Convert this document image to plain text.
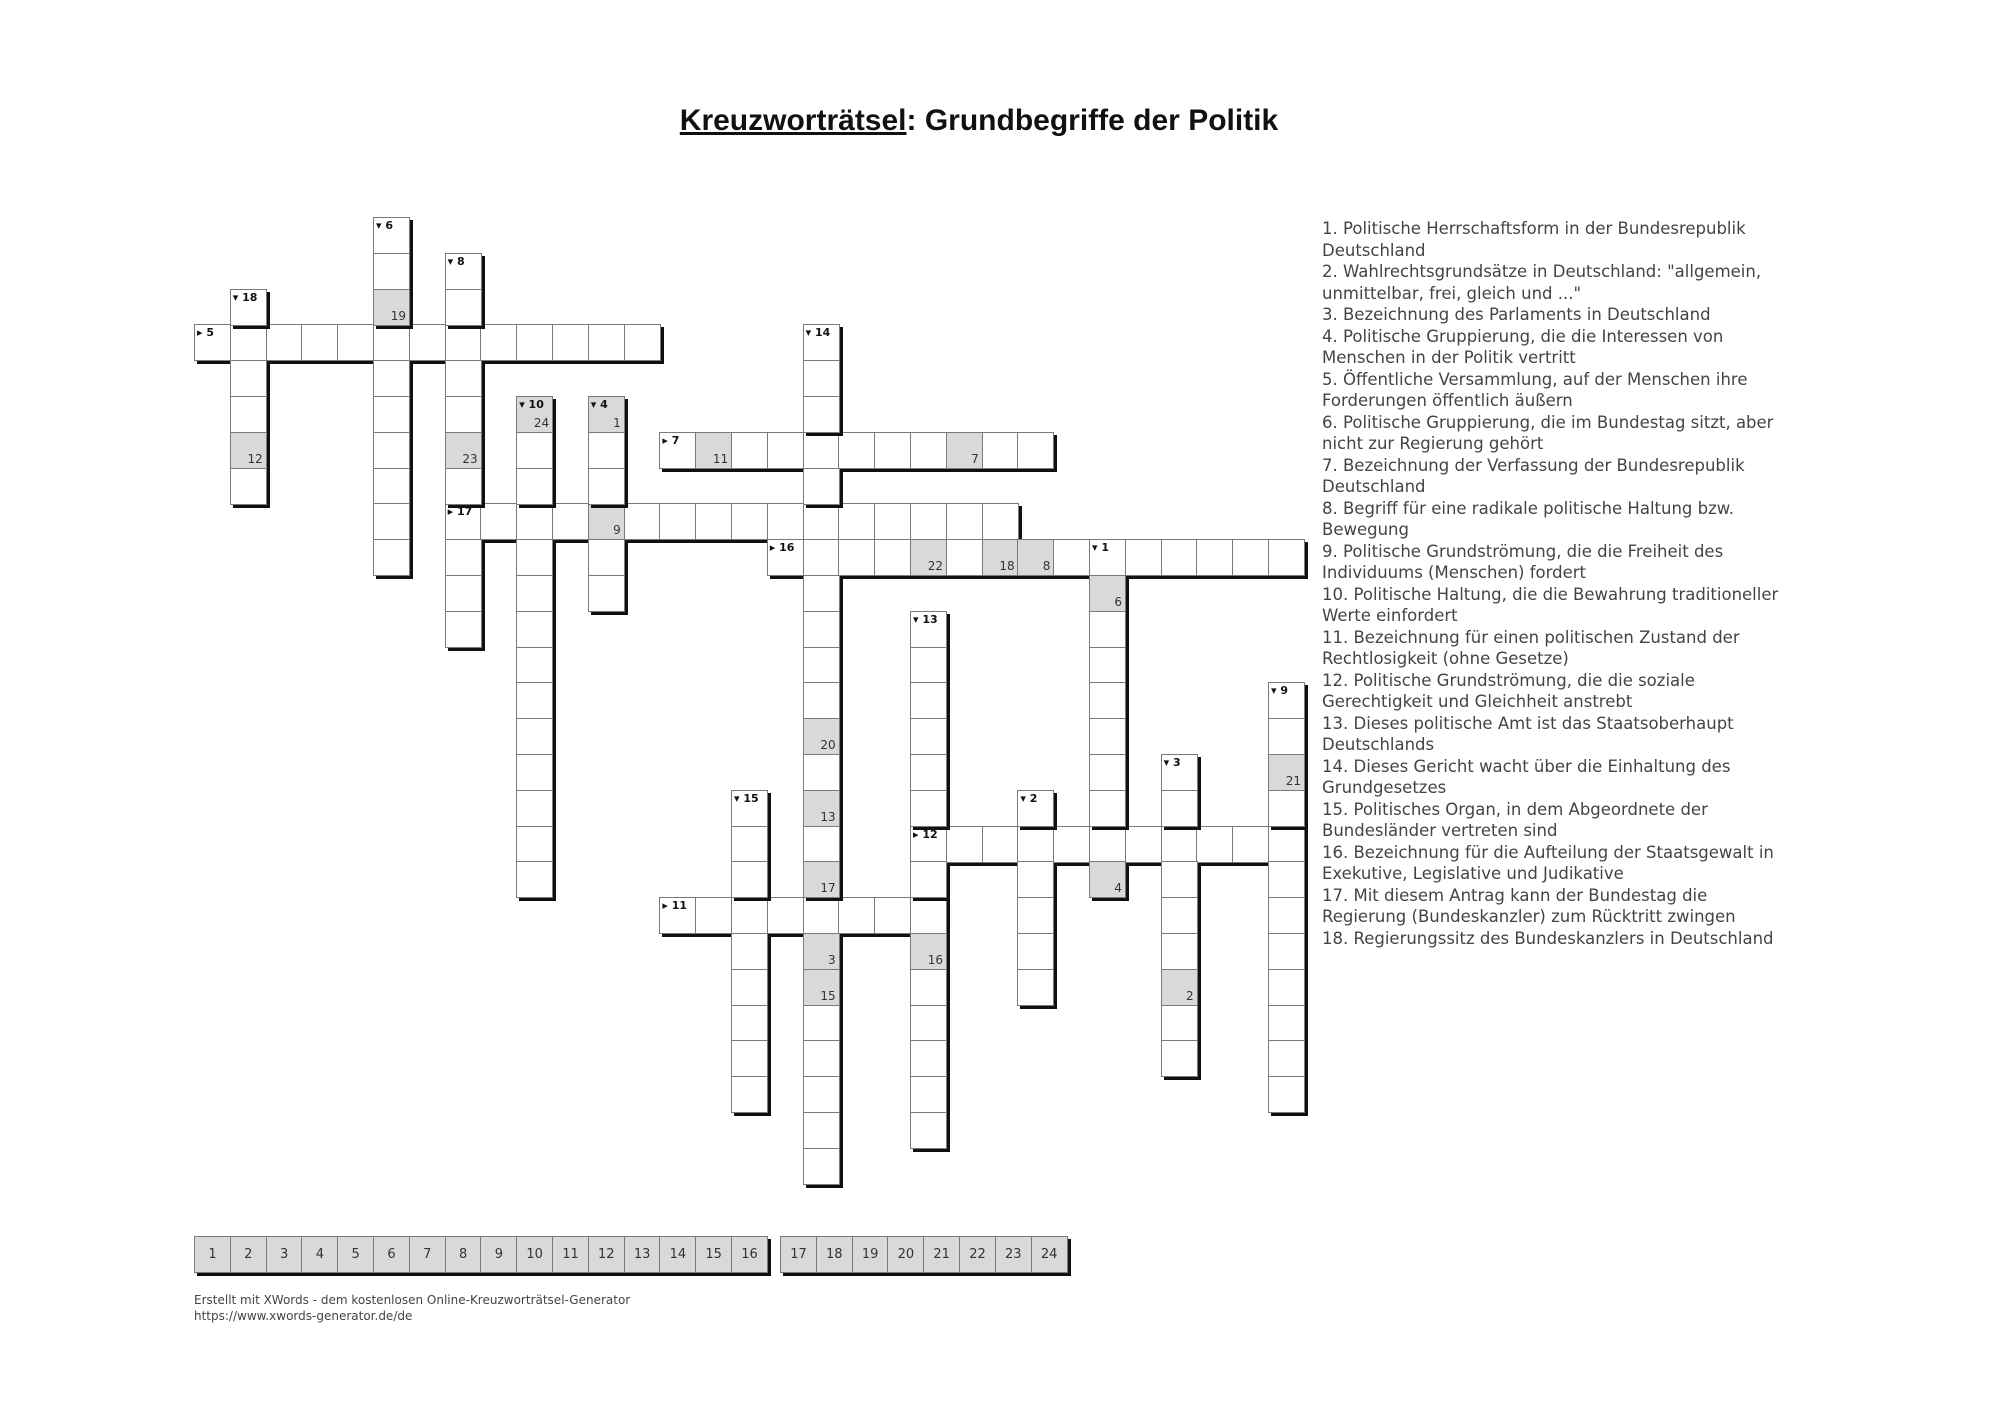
Kreuzworträtsel: Grundbegriffe der Politik
▸ 5
▸ 7
11	7
▸ 17
9
▸ 16
22	18 8
▾ 1
▸ 12
▸ 11
▾ 6
19
▾ 8
23
▾ 18
12
24
▾ 10
1
▾ 4
▾ 14
20
13
17
3
15
6
4
▾ 13
16
▾ 9
21
▾ 3
2
▾ 2
▾ 15
1. Politische Herrschaftsform in der Bundesrepublik Deutschland
2. Wahlrechtsgrundsätze in Deutschland: "allgemein, unmittelbar, frei, gleich und ..."
3. Bezeichnung des Parlaments in Deutschland
4. Politische Gruppierung, die die Interessen von Menschen in der Politik vertritt
5. Öffentliche Versammlung, auf der Menschen ihre Forderungen öffentlich äußern
6. Politische Gruppierung, die im Bundestag sitzt, aber nicht zur Regierung gehört
7. Bezeichnung der Verfassung der Bundesrepublik Deutschland
8. Begriff für eine radikale politische Haltung bzw. Bewegung
9. Politische Grundströmung, die die Freiheit des Individuums (Menschen) fordert
10. Politische Haltung, die die Bewahrung traditioneller Werte einfordert
11. Bezeichnung für einen politischen Zustand der Rechtlosigkeit (ohne Gesetze)
12. Politische Grundströmung, die die soziale Gerechtigkeit und Gleichheit anstrebt
13. Dieses politische Amt ist das Staatsoberhaupt Deutschlands
14. Dieses Gericht wacht über die Einhaltung des Grundgesetzes
15. Politisches Organ, in dem Abgeordnete der Bundesländer vertreten sind
16. Bezeichnung für die Aufteilung der Staatsgewalt in Exekutive, Legislative und Judikative
17. Mit diesem Antrag kann der Bundestag die Regierung (Bundeskanzler) zum Rücktritt zwingen
18. Regierungssitz des Bundeskanzlers in Deutschland
1	2	3	4	5	6	7	8	9	10	11	12	13	14	15	16	17	18	19	20	21	22	23	24
Erstellt mit XWords - dem kostenlosen Online-Kreuzworträtsel-Generator
https://www.xwords-generator.de/de
